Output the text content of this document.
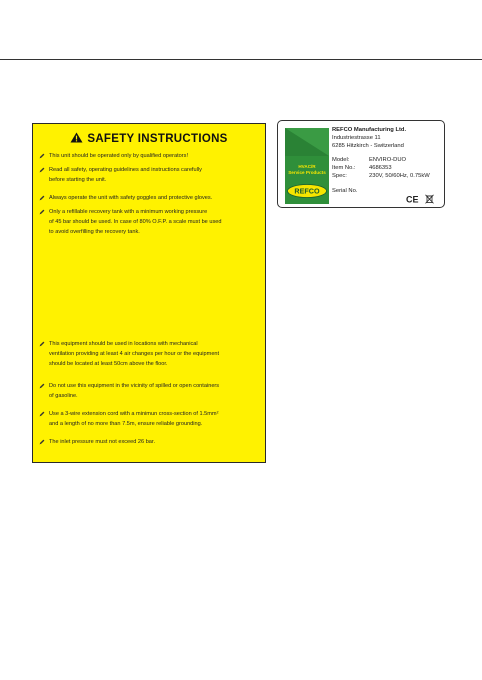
SAFETY INSTRUCTIONS
This unit should be operated only by qualified operators!
Read all safety, operating guidelines and instructions carefully
before starting the unit.
Always operate the unit with safety goggles and protective gloves.
Only a refillable recovery tank with a minimum working pressure
of 45 bar should be used. In case of 80% O.F.P. a scale must be used
to avoid overfilling the recovery tank.
This equipment should be used in locations with mechanical
ventilation providing at least 4 air changes per hour or the equipment
should be located at least 50cm above the floor.
Do not use this equipment in the vicinity of spilled or open containers
of gasoline.
Use a 3-wire extension cord with a minimun cross-section of 1.5mm²
and a length of no more than 7.5m, ensure reliable grounding.
The inlet pressure must not exceed 26 bar.
HVAC/R
Service Products
REFCO
REFCO Manufacturing Ltd.
Industriestrasse 11
6285 Hitzkirch - Switzerland
Model:	ENVIRO-DUO
Item No.: 4686353
Spec:	230V, 50/60Hz, 0.75kW
Serial No.
CE
